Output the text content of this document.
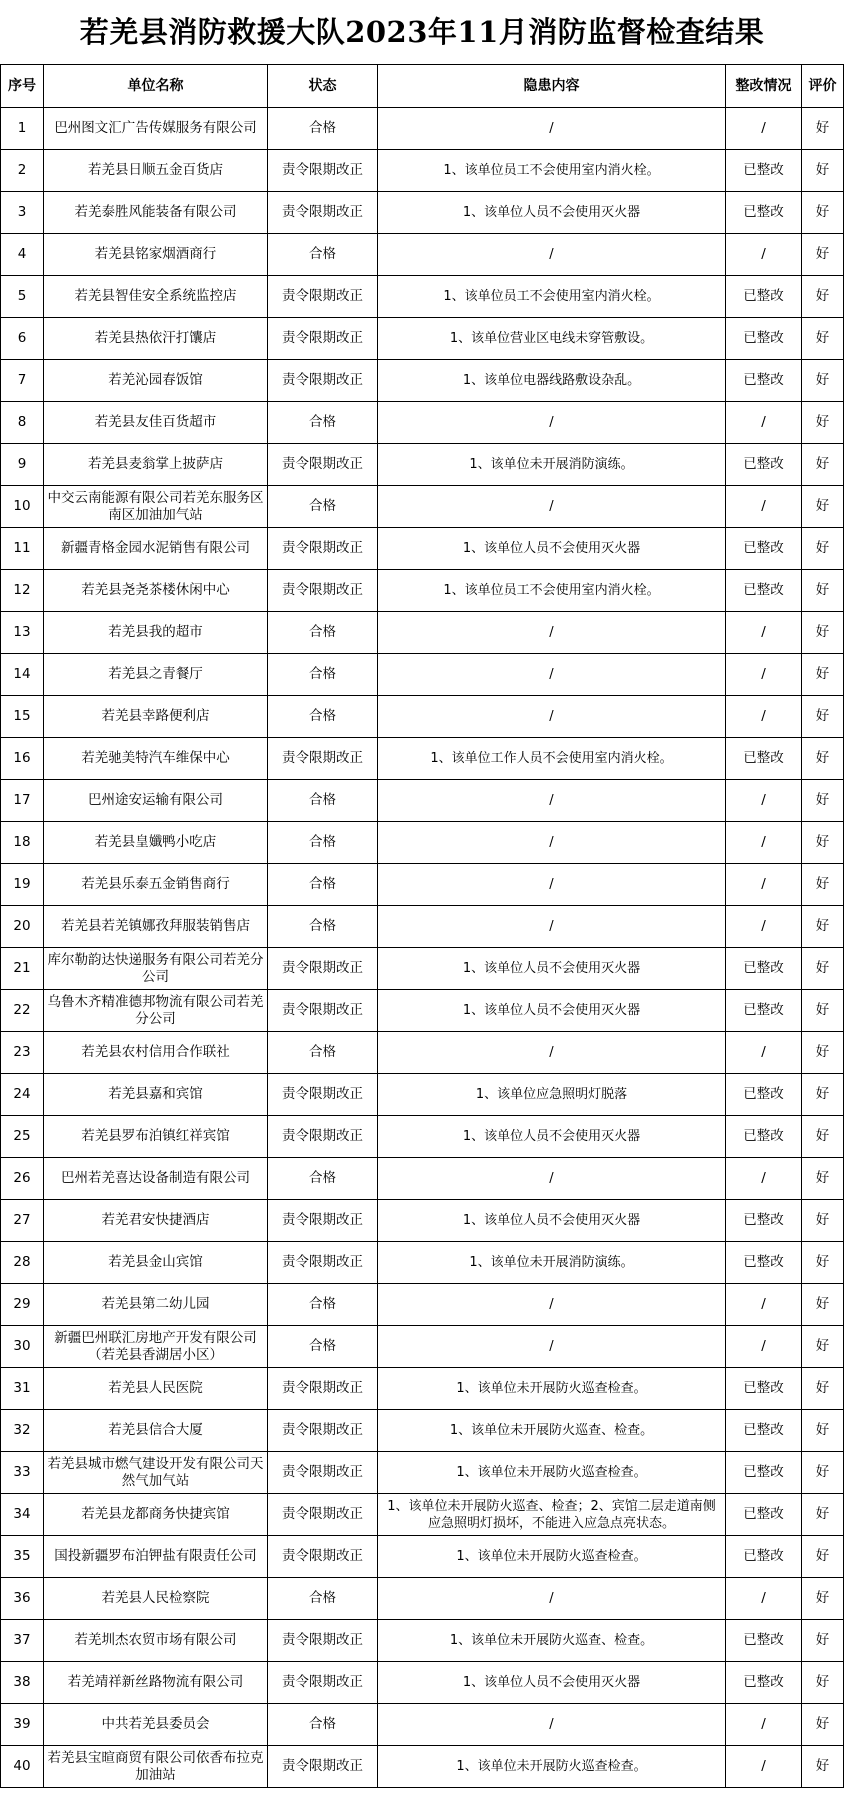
若羌县消防救援大队2023年11月消防监督检查结果
序号	单位名称	状态	隐患内容	整改情况	评价
1	巴州图文汇广告传媒服务有限公司	合格	/	/	好
2	若羌县日顺五金百货店	责令限期改正	1、该单位员工不会使用室内消火栓。	已整改	好
3	若羌泰胜风能装备有限公司	责令限期改正	1、该单位人员不会使用灭火器	已整改	好
4	若羌县铭家烟酒商行	合格	/	/	好
5	若羌县智佳安全系统监控店	责令限期改正	1、该单位员工不会使用室内消火栓。	已整改	好
6	若羌县热依汗打馕店	责令限期改正	1、该单位营业区电线未穿管敷设。	已整改	好
7	若羌沁园春饭馆	责令限期改正	1、该单位电器线路敷设杂乱。	已整改	好
8	若羌县友佳百货超市	合格	/	/	好
9	若羌县麦翁掌上披萨店	责令限期改正	1、该单位未开展消防演练。	已整改	好
10	中交云南能源有限公司若羌东服务区南区加油加气站	合格	/	/	好
11	新疆青格金园水泥销售有限公司	责令限期改正	1、该单位人员不会使用灭火器	已整改	好
12	若羌县尧尧茶楼休闲中心	责令限期改正	1、该单位员工不会使用室内消火栓。	已整改	好
13	若羌县我的超市	合格	/	/	好
14	若羌县之青餐厅	合格	/	/	好
15	若羌县幸路便利店	合格	/	/	好
16	若羌驰美特汽车维保中心	责令限期改正	1、该单位工作人员不会使用室内消火栓。	已整改	好
17	巴州途安运输有限公司	合格	/	/	好
18	若羌县皇孅鸭小吃店	合格	/	/	好
19	若羌县乐泰五金销售商行	合格	/	/	好
20	若羌县若羌镇娜孜拜服装销售店	合格	/	/	好
21	库尔勒韵达快递服务有限公司若羌分公司	责令限期改正	1、该单位人员不会使用灭火器	已整改	好
22	乌鲁木齐精准德邦物流有限公司若羌分公司	责令限期改正	1、该单位人员不会使用灭火器	已整改	好
23	若羌县农村信用合作联社	合格	/	/	好
24	若羌县嘉和宾馆	责令限期改正	1、该单位应急照明灯脱落	已整改	好
25	若羌县罗布泊镇红祥宾馆	责令限期改正	1、该单位人员不会使用灭火器	已整改	好
26	巴州若羌喜达设备制造有限公司	合格	/	/	好
27	若羌君安快捷酒店	责令限期改正	1、该单位人员不会使用灭火器	已整改	好
28	若羌县金山宾馆	责令限期改正	1、该单位未开展消防演练。	已整改	好
29	若羌县第二幼儿园	合格	/	/	好
30	新疆巴州联汇房地产开发有限公司（若羌县香湖居小区）	合格	/	/	好
31	若羌县人民医院	责令限期改正	1、该单位未开展防火巡查检查。	已整改	好
32	若羌县信合大厦	责令限期改正	1、该单位未开展防火巡查、检查。	已整改	好
33	若羌县城市燃气建设开发有限公司天然气加气站	责令限期改正	1、该单位未开展防火巡查检查。	已整改	好
34	若羌县龙都商务快捷宾馆	责令限期改正	1、该单位未开展防火巡查、检查；2、宾馆二层走道南侧应急照明灯损坏，不能进入应急点亮状态。	已整改	好
35	国投新疆罗布泊钾盐有限责任公司	责令限期改正	1、该单位未开展防火巡查检查。	已整改	好
36	若羌县人民检察院	合格	/	/	好
37	若羌圳杰农贸市场有限公司	责令限期改正	1、该单位未开展防火巡查、检查。	已整改	好
38	若羌靖祥新丝路物流有限公司	责令限期改正	1、该单位人员不会使用灭火器	已整改	好
39	中共若羌县委员会	合格	/	/	好
40	若羌县宝暄商贸有限公司依香布拉克加油站	责令限期改正	1、该单位未开展防火巡查检查。	/	好
